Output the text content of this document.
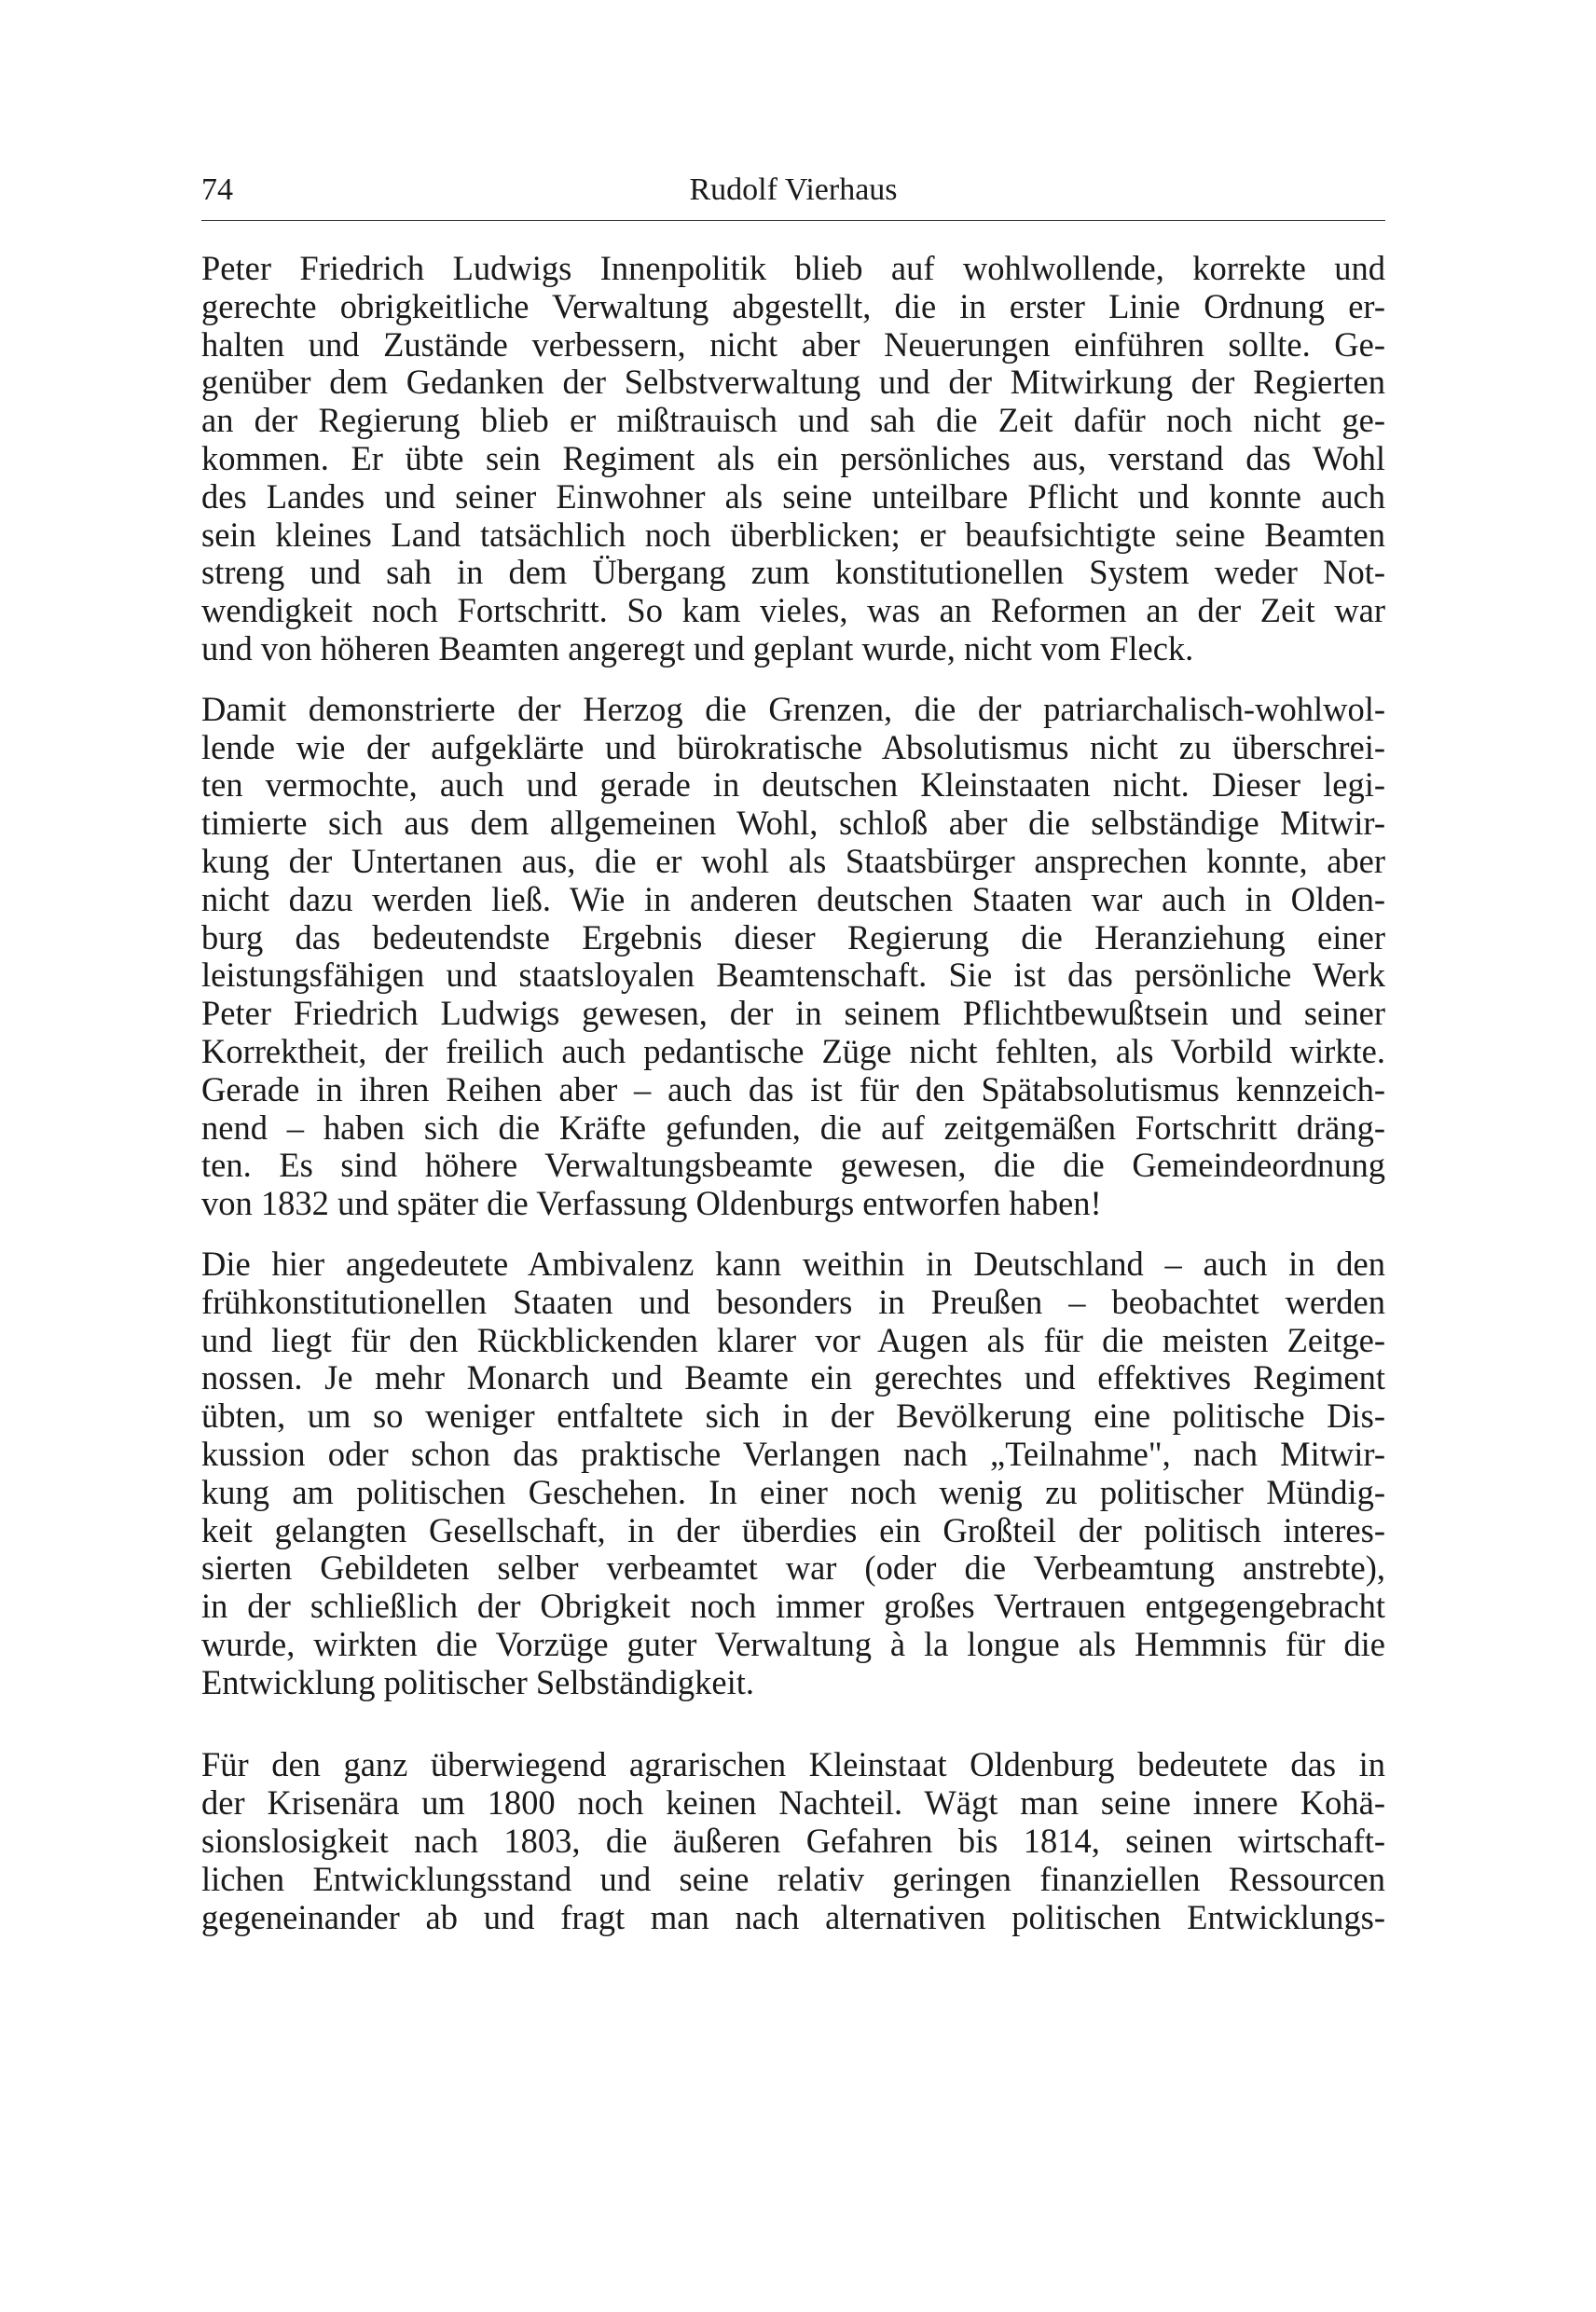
74	Rudolf Vierhaus

Peter Friedrich Ludwigs Innenpolitik blieb auf wohlwollende, korrekte und
gerechte obrigkeitliche Verwaltung abgestellt, die in erster Linie Ordnung er-
halten und Zustände verbessern, nicht aber Neuerungen einführen sollte. Ge-
genüber dem Gedanken der Selbstverwaltung und der Mitwirkung der Regierten
an der Regierung blieb er mißtrauisch und sah die Zeit dafür noch nicht ge-
kommen. Er übte sein Regiment als ein persönliches aus, verstand das Wohl
des Landes und seiner Einwohner als seine unteilbare Pflicht und konnte auch
sein kleines Land tatsächlich noch überblicken; er beaufsichtigte seine Beamten
streng und sah in dem Übergang zum konstitutionellen System weder Not-
wendigkeit noch Fortschritt. So kam vieles, was an Reformen an der Zeit war
und von höheren Beamten angeregt und geplant wurde, nicht vom Fleck.

Damit demonstrierte der Herzog die Grenzen, die der patriarchalisch-wohlwol-
lende wie der aufgeklärte und bürokratische Absolutismus nicht zu überschrei-
ten vermochte, auch und gerade in deutschen Kleinstaaten nicht. Dieser legi-
timierte sich aus dem allgemeinen Wohl, schloß aber die selbständige Mitwir-
kung der Untertanen aus, die er wohl als Staatsbürger ansprechen konnte, aber
nicht dazu werden ließ. Wie in anderen deutschen Staaten war auch in Olden-
burg das bedeutendste Ergebnis dieser Regierung die Heranziehung einer
leistungsfähigen und staatsloyalen Beamtenschaft. Sie ist das persönliche Werk
Peter Friedrich Ludwigs gewesen, der in seinem Pflichtbewußtsein und seiner
Korrektheit, der freilich auch pedantische Züge nicht fehlten, als Vorbild wirkte.
Gerade in ihren Reihen aber – auch das ist für den Spätabsolutismus kennzeich-
nend – haben sich die Kräfte gefunden, die auf zeitgemäßen Fortschritt dräng-
ten. Es sind höhere Verwaltungsbeamte gewesen, die die Gemeindeordnung
von 1832 und später die Verfassung Oldenburgs entworfen haben!

Die hier angedeutete Ambivalenz kann weithin in Deutschland – auch in den
frühkonstitutionellen Staaten und besonders in Preußen – beobachtet werden
und liegt für den Rückblickenden klarer vor Augen als für die meisten Zeitge-
nossen. Je mehr Monarch und Beamte ein gerechtes und effektives Regiment
übten, um so weniger entfaltete sich in der Bevölkerung eine politische Dis-
kussion oder schon das praktische Verlangen nach „Teilnahme", nach Mitwir-
kung am politischen Geschehen. In einer noch wenig zu politischer Mündig-
keit gelangten Gesellschaft, in der überdies ein Großteil der politisch interes-
sierten Gebildeten selber verbeamtet war (oder die Verbeamtung anstrebte),
in der schließlich der Obrigkeit noch immer großes Vertrauen entgegengebracht
wurde, wirkten die Vorzüge guter Verwaltung à la longue als Hemmnis für die
Entwicklung politischer Selbständigkeit.

Für den ganz überwiegend agrarischen Kleinstaat Oldenburg bedeutete das in
der Krisenära um 1800 noch keinen Nachteil. Wägt man seine innere Kohä-
sionslosigkeit nach 1803, die äußeren Gefahren bis 1814, seinen wirtschaft-
lichen Entwicklungsstand und seine relativ geringen finanziellen Ressourcen
gegeneinander ab und fragt man nach alternativen politischen Entwicklungs-
